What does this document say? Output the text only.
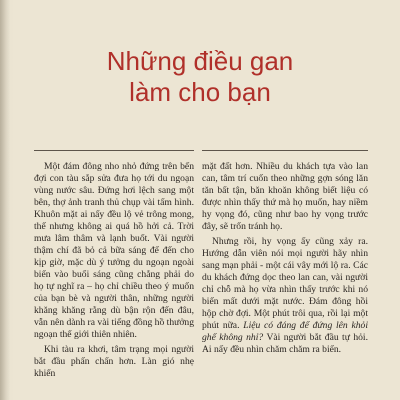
Những điều gan
làm cho bạn

Một đám đông nho nhỏ đứng trên bến đợi con tàu sắp sửa đưa họ tới du ngoạn vùng nước sâu. Đứng hơi lệch sang một bên, thợ ảnh tranh thủ chụp vài tấm hình. Khuôn mặt ai nấy đều lộ vẻ trông mong, thế nhưng không ai quá hồ hởi cả. Trời mưa lâm thâm và lạnh buốt. Vài người thậm chí đã bỏ cả bữa sáng để đến cho kịp giờ, mặc dù ý tưởng du ngoạn ngoài biển vào buổi sáng cũng chẳng phải do họ tự nghĩ ra – họ chỉ chiều theo ý muốn của bạn bè và người thân, những người khăng khăng rằng dù bận rộn đến đâu, vẫn nên dành ra vài tiếng đồng hồ thưởng ngoạn thế giới thiên nhiên.

Khi tàu ra khơi, tâm trạng mọi người bắt đầu phấn chấn hơn. Làn gió nhẹ khiến

mặt đất hơn. Nhiều du khách tựa vào lan can, tâm trí cuốn theo những gợn sóng lăn tăn bất tận, băn khoăn không biết liệu có được nhìn thấy thứ mà họ muốn, hay niềm hy vọng đó, cũng như bao hy vọng trước đây, sẽ trốn tránh họ.

Nhưng rồi, hy vọng ấy cũng xảy ra. Hướng dẫn viên nói mọi người hãy nhìn sang mạn phải - một cái vây mới lộ ra. Các du khách đứng dọc theo lan can, vài người chỉ chỗ mà họ vừa nhìn thấy trước khi nó biến mất dưới mặt nước. Đám đông hồi hộp chờ đợi. Một phút trôi qua, rồi lại một phút nữa. Liệu có đáng để đứng lên khỏi ghế không nhỉ? Vài người bắt đầu tự hỏi. Ai nấy đều nhìn chăm chăm ra biển.
